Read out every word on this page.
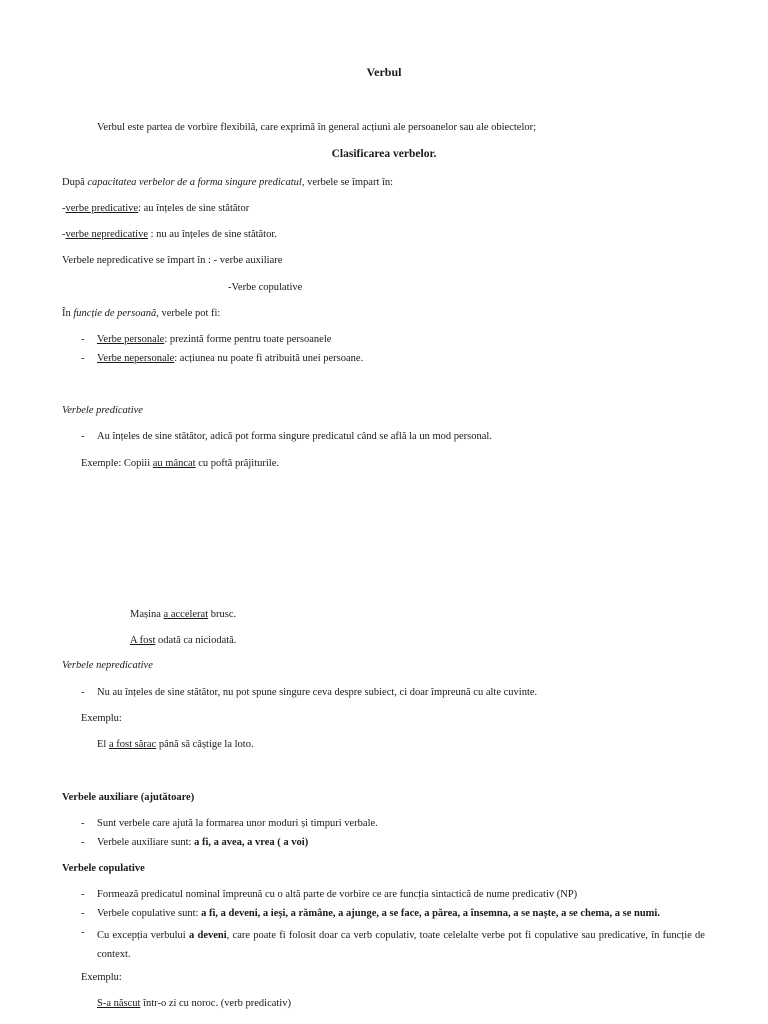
Verbul
Verbul este partea de vorbire flexibilă, care exprimă în general acțiuni ale persoanelor sau ale obiectelor;
Clasificarea verbelor.
După capacitatea verbelor de a forma singure predicatul, verbele se împart în:
-verbe predicative: au înțeles de sine stătător
-verbe nepredicative : nu au înțeles de sine stătător.
Verbele nepredicative se împart în : - verbe auxiliare
-Verbe copulative
În funcție de persoană, verbele pot fi:
- Verbe personale: prezintă forme pentru toate persoanele
- Verbe nepersonale: acțiunea nu poate fi atribuită unei persoane.
Verbele predicative
- Au înțeles de sine stătător, adică pot forma singure predicatul când se află la un mod personal.
Exemple: Copiii au mâncat cu poftă prăjiturile.
Mașina a accelerat brusc.
A fost odată ca niciodată.
Verbele nepredicative
- Nu au înțeles de sine stătător, nu pot spune singure ceva despre subiect, ci doar împreună cu alte cuvinte.
Exemplu:
El a fost sărac până să câștige la loto.
Verbele auxiliare (ajutătoare)
- Sunt verbele care ajută la formarea unor moduri și timpuri verbale.
- Verbele auxiliare sunt: a fi, a avea, a vrea ( a voi)
Verbele copulative
- Formează predicatul nominal împreună cu o altă parte de vorbire ce are funcția sintactică de nume predicativ (NP)
- Verbele copulative sunt: a fi, a deveni, a ieși, a rămâne, a ajunge, a se face, a părea, a însemna, a se naște, a se chema, a se numi.
- Cu excepția verbului a deveni, care poate fi folosit doar ca verb copulativ, toate celelalte verbe pot fi copulative sau predicative, în funcție de context.
Exemplu:
S-a născut într-o zi cu noroc. (verb predicativ)
